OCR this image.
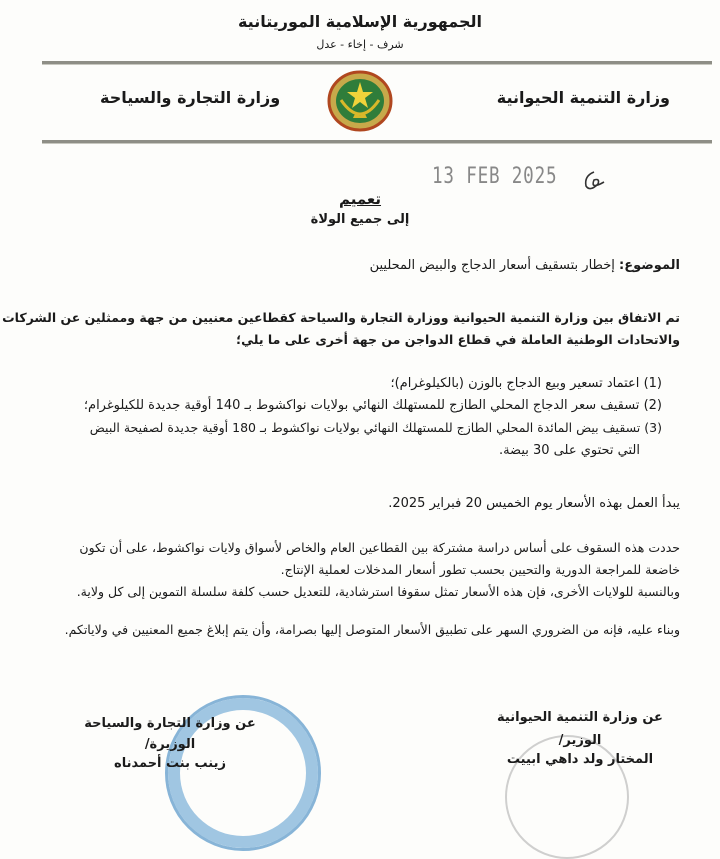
الجمهورية الإسلامية الموريتانية
شرف - إخاء - عدل
وزارة التنمية الحيوانية
وزارة التجارة والسياحة
13 FEB 2025
تعميم
إلى جميع الولاة
الموضوع: إخطار بتسقيف أسعار الدجاج والبيض المحليين
تم الاتفاق بين وزارة التنمية الحيوانية ووزارة التجارة والسياحة كقطاعين معنيين من جهة وممثلين عن الشركات
والاتحادات الوطنية العاملة في قطاع الدواجن من جهة أخرى على ما يلي؛
(1) اعتماد تسعير وبيع الدجاج بالوزن (بالكيلوغرام)؛
(2) تسقيف سعر الدجاج المحلي الطازج للمستهلك النهائي بولايات نواكشوط بـ 140 أوقية جديدة للكيلوغرام؛
(3) تسقيف بيض المائدة المحلي الطازج للمستهلك النهائي بولايات نواكشوط بـ 180 أوقية جديدة لصفيحة البيض
التي تحتوي على 30 بيضة.
يبدأ العمل بهذه الأسعار يوم الخميس 20 فبراير 2025.
حددت هذه السقوف على أساس دراسة مشتركة بين القطاعين العام والخاص لأسواق ولايات نواكشوط، على أن تكون
خاضعة للمراجعة الدورية والتحيين بحسب تطور أسعار المدخلات لعملية الإنتاج.
وبالنسبة للولايات الأخرى، فإن هذه الأسعار تمثل سقوفا استرشادية، للتعديل حسب كلفة سلسلة التموين إلى كل ولاية.
وبناء عليه، فإنه من الضروري السهر على تطبيق الأسعار المتوصل إليها بصرامة، وأن يتم إبلاغ جميع المعنيين في ولاياتكم.
عن وزارة التنمية الحيوانية
الوزير/
المختار ولد داهي ابييت
عن وزارة التجارة والسياحة
الوزيرة/
زينب بنت أحمدناه
